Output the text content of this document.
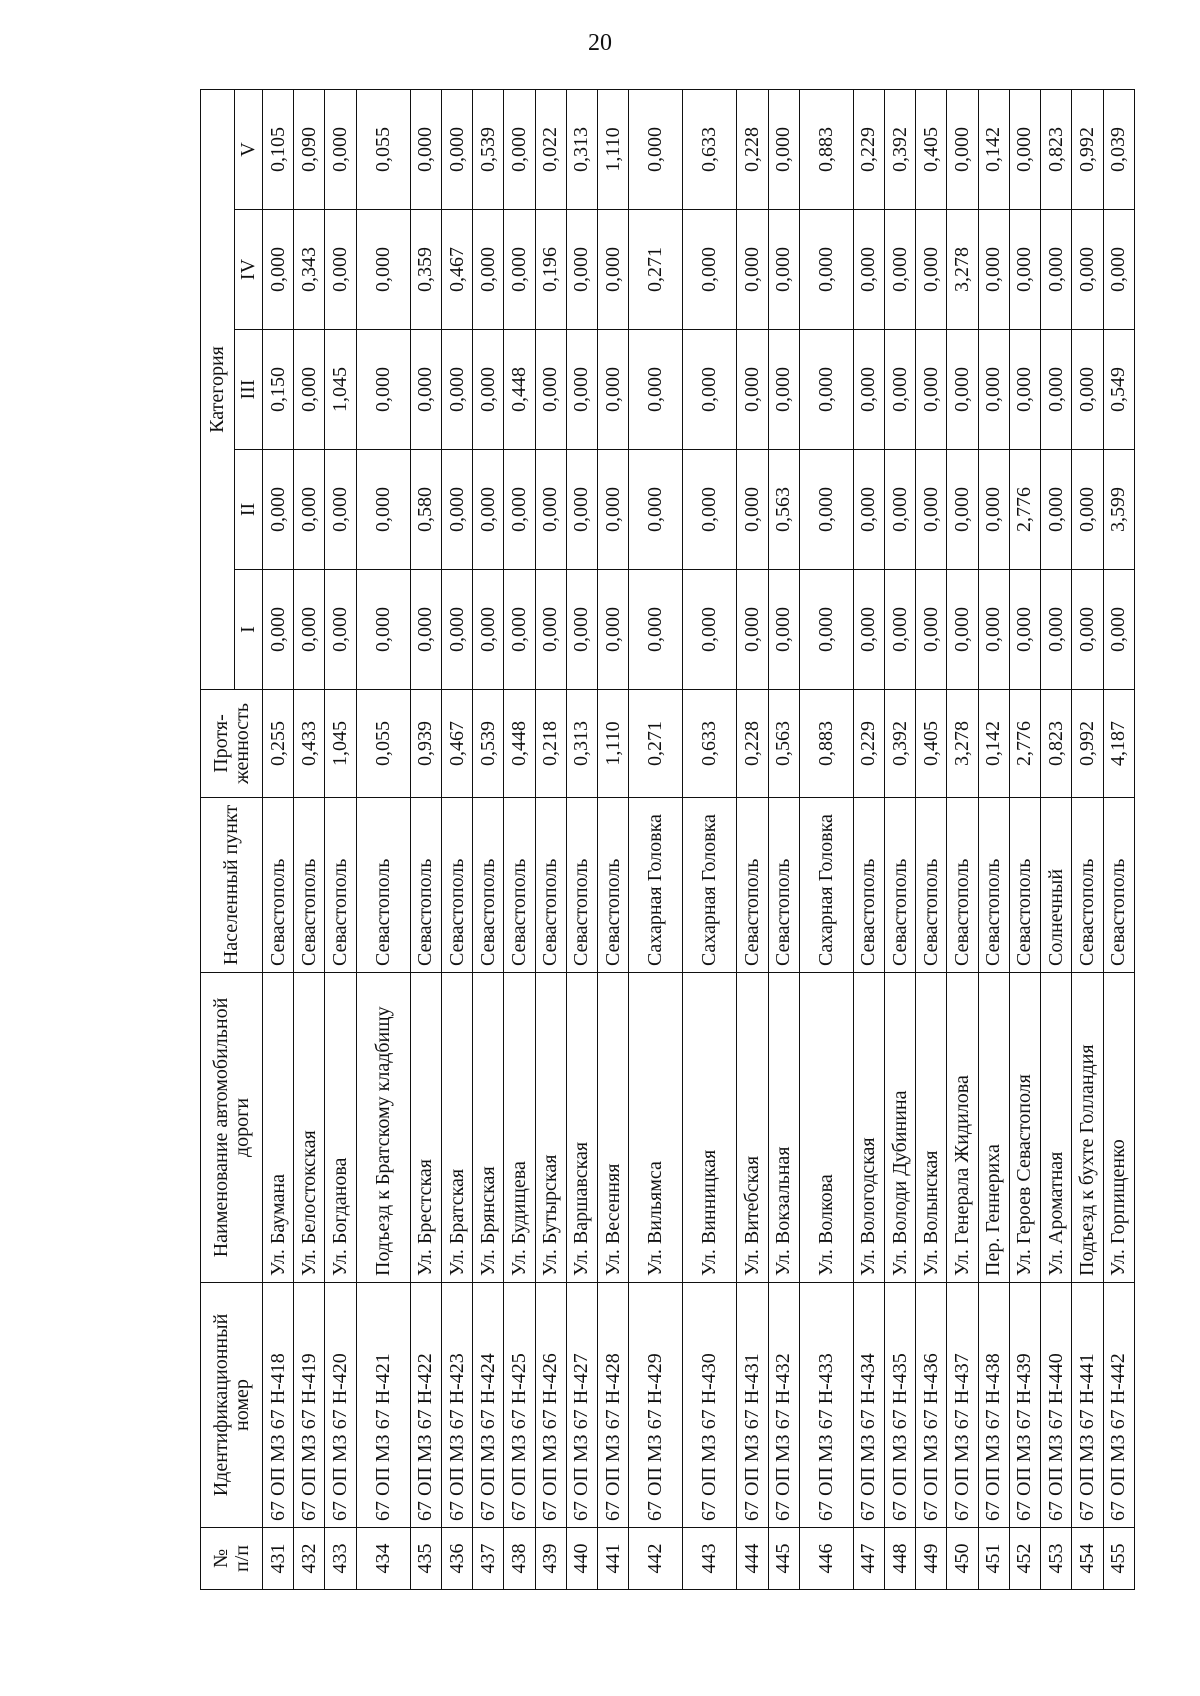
20
№
п/п	Идентификационный номер	Наименование автомобильной дороги	Населенный пункт	Протя-
женность	Категория				
					I	II	III	IV	V
431	67 ОП МЗ 67 Н-418	Ул. Баумана	Севастополь	0,255	0,000	0,000	0,150	0,000	0,105
432	67 ОП МЗ 67 Н-419	Ул. Белостокская	Севастополь	0,433	0,000	0,000	0,000	0,343	0,090
433	67 ОП МЗ 67 Н-420	Ул. Богданова	Севастополь	1,045	0,000	0,000	1,045	0,000	0,000
434	67 ОП МЗ 67 Н-421	Подъезд к Братскому кладбищу	Севастополь	0,055	0,000	0,000	0,000	0,000	0,055
435	67 ОП МЗ 67 Н-422	Ул. Брестская	Севастополь	0,939	0,000	0,580	0,000	0,359	0,000
436	67 ОП МЗ 67 Н-423	Ул. Братская	Севастополь	0,467	0,000	0,000	0,000	0,467	0,000
437	67 ОП МЗ 67 Н-424	Ул. Брянская	Севастополь	0,539	0,000	0,000	0,000	0,000	0,539
438	67 ОП МЗ 67 Н-425	Ул. Будищева	Севастополь	0,448	0,000	0,000	0,448	0,000	0,000
439	67 ОП МЗ 67 Н-426	Ул. Бутырская	Севастополь	0,218	0,000	0,000	0,000	0,196	0,022
440	67 ОП МЗ 67 Н-427	Ул. Варшавская	Севастополь	0,313	0,000	0,000	0,000	0,000	0,313
441	67 ОП МЗ 67 Н-428	Ул. Весенняя	Севастополь	1,110	0,000	0,000	0,000	0,000	1,110
442	67 ОП МЗ 67 Н-429	Ул. Вильямса	Сахарная Головка	0,271	0,000	0,000	0,000	0,271	0,000
443	67 ОП МЗ 67 Н-430	Ул. Винницкая	Сахарная Головка	0,633	0,000	0,000	0,000	0,000	0,633
444	67 ОП МЗ 67 Н-431	Ул. Витебская	Севастополь	0,228	0,000	0,000	0,000	0,000	0,228
445	67 ОП МЗ 67 Н-432	Ул. Вокзальная	Севастополь	0,563	0,000	0,563	0,000	0,000	0,000
446	67 ОП МЗ 67 Н-433	Ул. Волкова	Сахарная Головка	0,883	0,000	0,000	0,000	0,000	0,883
447	67 ОП МЗ 67 Н-434	Ул. Вологодская	Севастополь	0,229	0,000	0,000	0,000	0,000	0,229
448	67 ОП МЗ 67 Н-435	Ул. Володи Дубинина	Севастополь	0,392	0,000	0,000	0,000	0,000	0,392
449	67 ОП МЗ 67 Н-436	Ул. Волынская	Севастополь	0,405	0,000	0,000	0,000	0,000	0,405
450	67 ОП МЗ 67 Н-437	Ул. Генерала Жидилова	Севастополь	3,278	0,000	0,000	0,000	3,278	0,000
451	67 ОП МЗ 67 Н-438	Пер. Геннериха	Севастополь	0,142	0,000	0,000	0,000	0,000	0,142
452	67 ОП МЗ 67 Н-439	Ул. Героев Севастополя	Севастополь	2,776	0,000	2,776	0,000	0,000	0,000
453	67 ОП МЗ 67 Н-440	Ул. Ароматная	Солнечный	0,823	0,000	0,000	0,000	0,000	0,823
454	67 ОП МЗ 67 Н-441	Подъезд к бухте Голландия	Севастополь	0,992	0,000	0,000	0,000	0,000	0,992
455	67 ОП МЗ 67 Н-442	Ул. Горпищенко	Севастополь	4,187	0,000	3,599	0,549	0,000	0,039
